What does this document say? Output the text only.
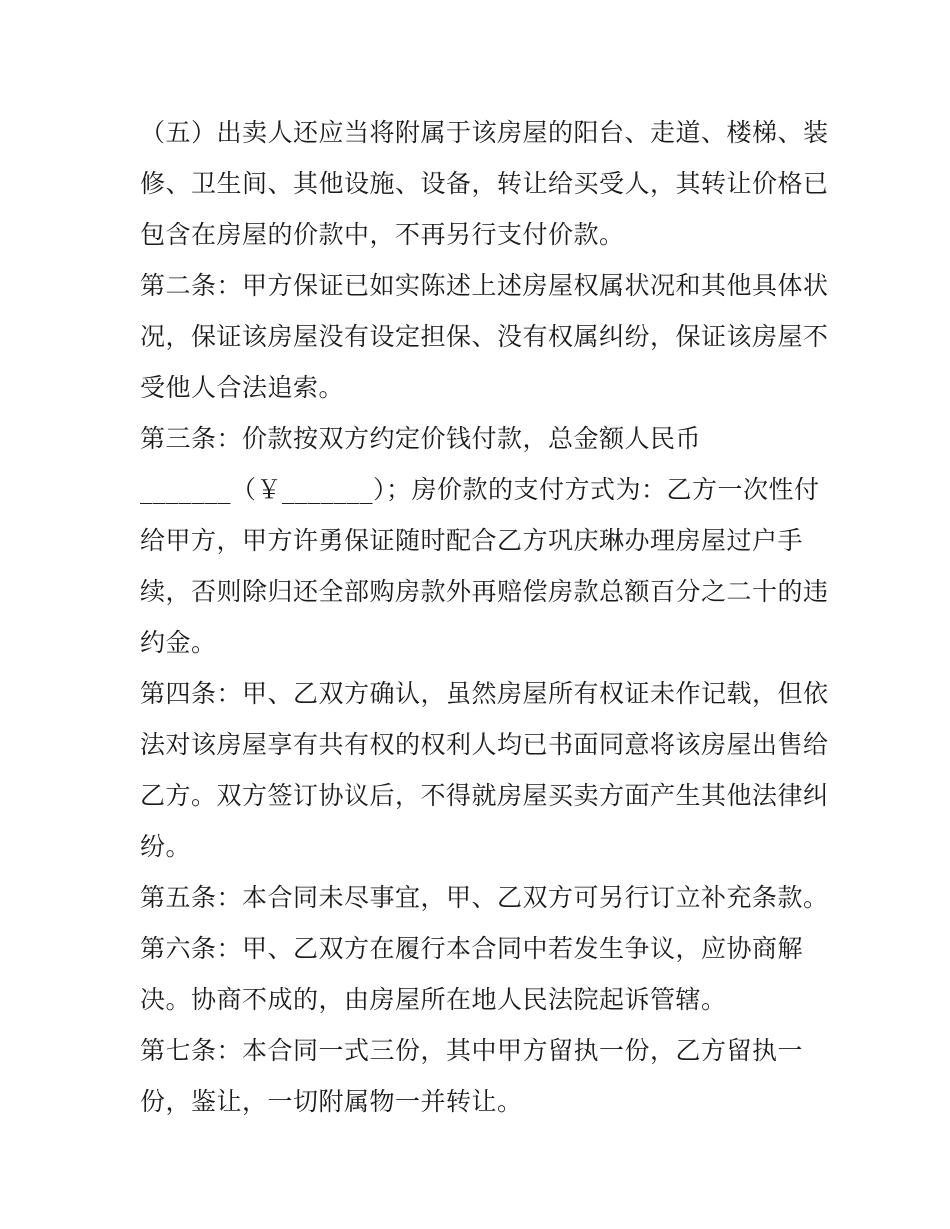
（五）出卖人还应当将附属于该房屋的阳台、走道、楼梯、装
修、卫生间、其他设施、设备，转让给买受人，其转让价格已
包含在房屋的价款中，不再另行支付价款。
第二条：甲方保证已如实陈述上述房屋权属状况和其他具体状
况，保证该房屋没有设定担保、没有权属纠纷，保证该房屋不
受他人合法追索。
第三条：价款按双方约定价钱付款，总金额人民币
_______（￥_______）；房价款的支付方式为：乙方一次性付
给甲方，甲方许勇保证随时配合乙方巩庆琳办理房屋过户手
续，否则除归还全部购房款外再赔偿房款总额百分之二十的违
约金。
第四条：甲、乙双方确认，虽然房屋所有权证未作记载，但依
法对该房屋享有共有权的权利人均已书面同意将该房屋出售给
乙方。双方签订协议后，不得就房屋买卖方面产生其他法律纠
纷。
第五条：本合同未尽事宜，甲、乙双方可另行订立补充条款。
第六条：甲、乙双方在履行本合同中若发生争议，应协商解
决。协商不成的，由房屋所在地人民法院起诉管辖。
第七条：本合同一式三份，其中甲方留执一份，乙方留执一
份，鉴让，一切附属物一并转让。
